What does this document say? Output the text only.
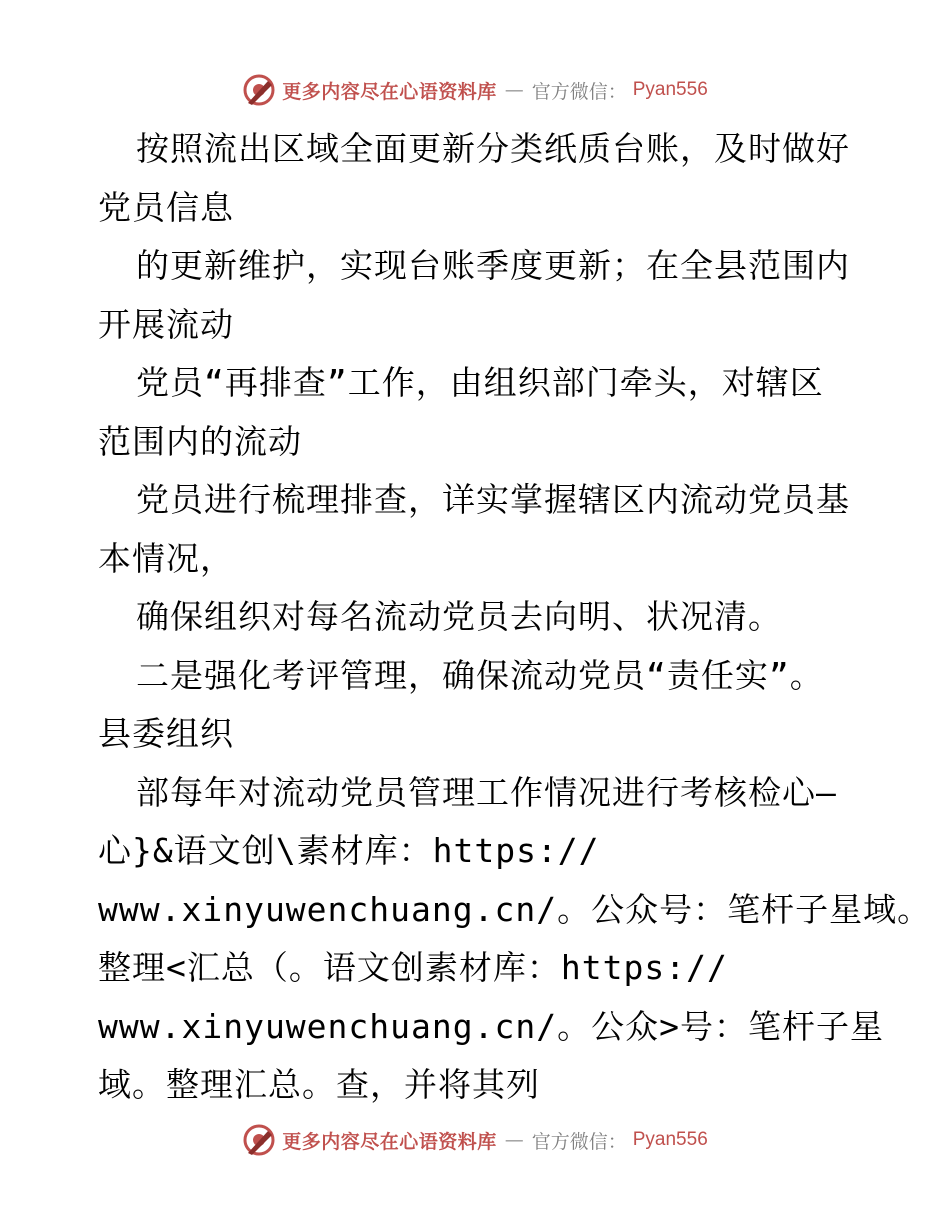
更多内容尽在心语资料库 — 官方微信： Pyan556
按照流出区域全面更新分类纸质台账，及时做好
党员信息
的更新维护，实现台账季度更新；在全县范围内
开展流动
党员“再排查”工作，由组织部门牵头，对辖区
范围内的流动
党员进行梳理排查，详实掌握辖区内流动党员基
本情况，
确保组织对每名流动党员去向明、状况清。
二是强化考评管理，确保流动党员“责任实”。
县委组织
部每年对流动党员管理工作情况进行考核检心—
心}&语文创\素材库：https://
www.xinyuwenchuang.cn/。公众号：笔杆子星域。
整理<汇总（。语文创素材库：https://
www.xinyuwenchuang.cn/。公众>号：笔杆子星
域。整理汇总。查，并将其列
更多内容尽在心语资料库 — 官方微信： Pyan556
